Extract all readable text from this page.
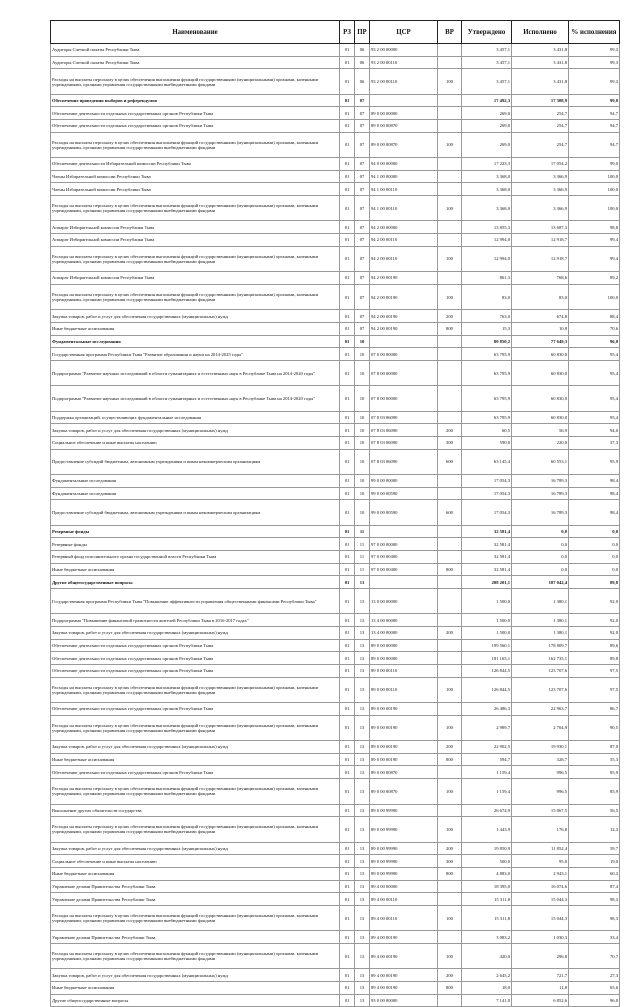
Наименование	РЗ	ПР	ЦСР	ВР	Утверждено	Исполнено	% исполнения
Аудиторы Счетной палаты Республики Тыва	01	06	93 2 00 00000		3 457,1	3 431,8	99,3
Аудиторы Счетной палаты Республики Тыва	01	06	93 2 00 00110		3 457,1	3 431,8	99,3
Расходы на выплаты персоналу в целях обеспечения выполнения функций государственными (муниципальными) органами, казенными учреждениями, органами управления государственными внебюджетными фондами	01	06	93 2 00 00110	100	3 457,1	3 431,8	99,3
Обеспечение проведения выборов и референдумов	01	07			17 492,3	17 308,9	99,0
Обеспечение деятельности отдельных государственных органов Республики Тыва	01	07	89 0 00 00000		269,0	254,7	94,7
Обеспечение деятельности отдельных государственных органов Республики Тыва	01	07	89 0 00 00870		269,0	254,7	94,7
Расходы на выплаты персоналу в целях обеспечения выполнения функций государственными (муниципальными) органами, казенными учреждениями, органами управления государственными внебюджетными фондами	01	07	89 0 00 00870	100	269,0	254,7	94,7
Обеспечение деятельности Избирательной комиссии Республики Тыва	01	07	94 0 00 00000		17 223,3	17 054,2	99,0
Члены Избирательной комиссии Республики Тыва	01	07	94 1 00 00000		3 368,0	3 366,9	100,0
Члены Избирательной комиссии Республики Тыва	01	07	94 1 00 00110		3 368,0	3 366,9	100,0
Расходы на выплаты персоналу в целях обеспечения выполнения функций государственными (муниципальными) органами, казенными учреждениями, органами управления государственными внебюджетными фондами	01	07	94 1 00 00110	100	3 368,0	3 366,9	100,0
Аппарат Избирательной комиссии Республики Тыва	01	07	94 2 00 00000		13 855,3	13 687,3	98,8
Аппарат Избирательной комиссии Республики Тыва	01	07	94 2 00 00110		12 994,0	12 918,7	99,4
Расходы на выплаты персоналу в целях обеспечения выполнения функций государственными (муниципальными) органами, казенными учреждениями, органами управления государственными внебюджетными фондами	01	07	94 2 00 00110	100	12 994,0	12 918,7	99,4
Аппарат Избирательной комиссии Республики Тыва	01	07	94 2 00 00190		861,3	768,6	89,2
Расходы на выплаты персоналу в целях обеспечения выполнения функций государственными (муниципальными) органами, казенными учреждениями, органами управления государственными внебюджетными фондами	01	07	94 2 00 00190	100	83,0	83,0	100,0
Закупка товаров, работ и услуг для обеспечения государственных (муниципальных) нужд	01	07	94 2 00 00190	200	763,0	674,8	88,4
Иные бюджетные ассигнования	01	07	94 2 00 00190	800	15,3	10,8	70,6
Фундаментальные исследования	01	10			80 850,2	77 649,3	96,0
Государственная программа Республики Тыва "Развитие образования и науки на 2014-2025 годы"	01	10	07 0 00 00000		63 795,9	60 830,0	95,4
Подпрограмма "Развитие научных исследований в области гуманитарных и естественных наук в Республике Тыва на 2014-2020 годы"	01	10	07 8 00 00000		63 795,9	60 830,0	95,4
Подпрограмма "Развитие научных исследований в области гуманитарных и естественных наук в Республике Тыва на 2014-2020 годы"	01	10	07 8 00 00000		63 795,9	60 830,0	95,4
Поддержка организаций, осуществляющих фундаментальные исследования	01	10	07 8 03 06090		63 795,9	60 830,0	95,4
Закупка товаров, работ и услуг для обеспечения государственных (муниципальных) нужд	01	10	07 8 03 06090	200	60,5	56,9	94,0
Социальное обеспечение и иные выплаты населению	01	10	07 8 03 06090	300	590,0	220,0	37,3
Предоставление субсидий бюджетным, автономным учреждениям и иным некоммерческим организациям	01	10	07 8 03 06090	600	63 145,4	60 553,1	95,9
Фундаментальные исследования	01	10	99 0 00 00000		17 054,3	16 789,3	98,4
Фундаментальные исследования	01	10	99 0 00 00590		17 054,3	16 789,3	98,4
Предоставление субсидий бюджетным, автономным учреждениям и иным некоммерческим организациям	01	10	99 0 00 00590	600	17 054,3	16 789,3	98,4
Резервные фонды	01	11			32 581,4	0,0	0,0
Резервные фонды	01	11	97 0 00 00000		32 581,4	0,0	0,0
Резервный фонд исполнительного органа государственной власти Республики Тыва	01	11	97 0 00 00400		32 581,4	0,0	0,0
Иные бюджетные ассигнования	01	11	97 0 00 00400	800	32 581,4	0,0	0,0
Другие общегосударственные вопросы	01	13			208 201,1	187 042,4	89,8
Государственная программа Республики Тыва "Повышение эффективности управления общественными финансами Республики Тыва"	01	13	13 0 00 00000		1 500,0	1 380,1	92,0
Подпрограмма "Повышение финансовой грамотности жителей Республики Тыва в 2016-2017 годах"	01	13	13 4 00 00000		1 500,0	1 380,1	92,0
Закупка товаров, работ и услуг для обеспечения государственных (муниципальных) нужд	01	13	13 4 00 00000	200	1 500,0	1 380,1	92,0
Обеспечение деятельности отдельных государственных органов Республики Тыва	01	13	89 0 00 00000		199 560,1	178 809,7	89,6
Обеспечение деятельности отдельных государственных органов Республики Тыва	01	13	89 0 00 00000		181 165,1	162 735,1	89,8
Обеспечение деятельности отдельных государственных органов Республики Тыва	01	13	89 0 00 00110		126 844,5	123 707,6	97,5
Расходы на выплаты персоналу в целях обеспечения выполнения функций государственными (муниципальными) органами, казенными учреждениями, органами управления государственными внебюджетными фондами	01	13	89 0 00 00110	100	126 844,5	123 707,6	97,5
Обеспечение деятельности отдельных государственных органов Республики Тыва	01	13	89 0 00 00190		26 486,3	22 963,7	86,7
Расходы на выплаты персоналу в целях обеспечения выполнения функций государственными (муниципальными) органами, казенными учреждениями, органами управления государственными внебюджетными фондами	01	13	89 0 00 00190	100	2 989,7	2 704,9	90,5
Закупка товаров, работ и услуг для обеспечения государственных (муниципальных) нужд	01	13	89 0 00 00190	200	22 902,5	19 930,1	87,0
Иные бюджетные ассигнования	01	13	89 0 00 00190	800	594,7	328,7	55,3
Обеспечение деятельности отдельных государственных органов Республики Тыва	01	13	89 0 00 00870		1 159,4	996,5	85,9
Расходы на выплаты персоналу в целях обеспечения выполнения функций государственными (муниципальными) органами, казенными учреждениями, органами управления государственными внебюджетными фондами	01	13	89 0 00 00870	100	1 159,4	996,5	85,9
Выполнение других обязательств государства	01	13	89 0 00 99990		26 674,9	15 067,5	56,5
Расходы на выплаты персоналу в целях обеспечения выполнения функций государственными (муниципальными) органами, казенными учреждениями, органами управления государственными внебюджетными фондами	01	13	89 0 00 99990	100	1 443,9	176,8	12,3
Закупка товаров, работ и услуг для обеспечения государственных (муниципальных) нужд	01	13	89 0 00 99990	200	19 850,9	11 852,4	59,7
Социальное обеспечение и иные выплаты населению	01	13	89 0 00 99990	300	500,0	95,0	19,0
Иные бюджетные ассигнования	01	13	89 0 00 99990	800	4 883,0	2 943,1	60,3
Управление делами Правительства Республики Тыва	01	13	89 4 00 00000		18 395,0	16 074,6	87,4
Управление делами Правительства Республики Тыва	01	13	89 4 00 00110		15 311,8	15 044,3	98,3
Расходы на выплаты персоналу в целях обеспечения выполнения функций государственными (муниципальными) органами, казенными учреждениями, органами управления государственными внебюджетными фондами	01	13	89 4 00 00110	100	15 311,8	15 044,3	98,3
Управление делами Правительства Республики Тыва	01	13	89 4 00 00190		3 083,2	1 030,3	33,4
Расходы на выплаты персоналу в целях обеспечения выполнения функций государственными (муниципальными) органами, казенными учреждениями, органами управления государственными внебюджетными фондами	01	13	89 4 00 00190	100	420,0	296,8	70,7
Закупка товаров, работ и услуг для обеспечения государственных (муниципальных) нужд	01	13	89 4 00 00190	200	2 645,2	721,7	27,3
Иные бюджетные ассигнования	01	13	89 4 00 00190	800	18,0	11,8	65,6
Другие общегосударственные вопросы	01	13	93 0 00 00000		7 141,0	6 852,6	96,0
